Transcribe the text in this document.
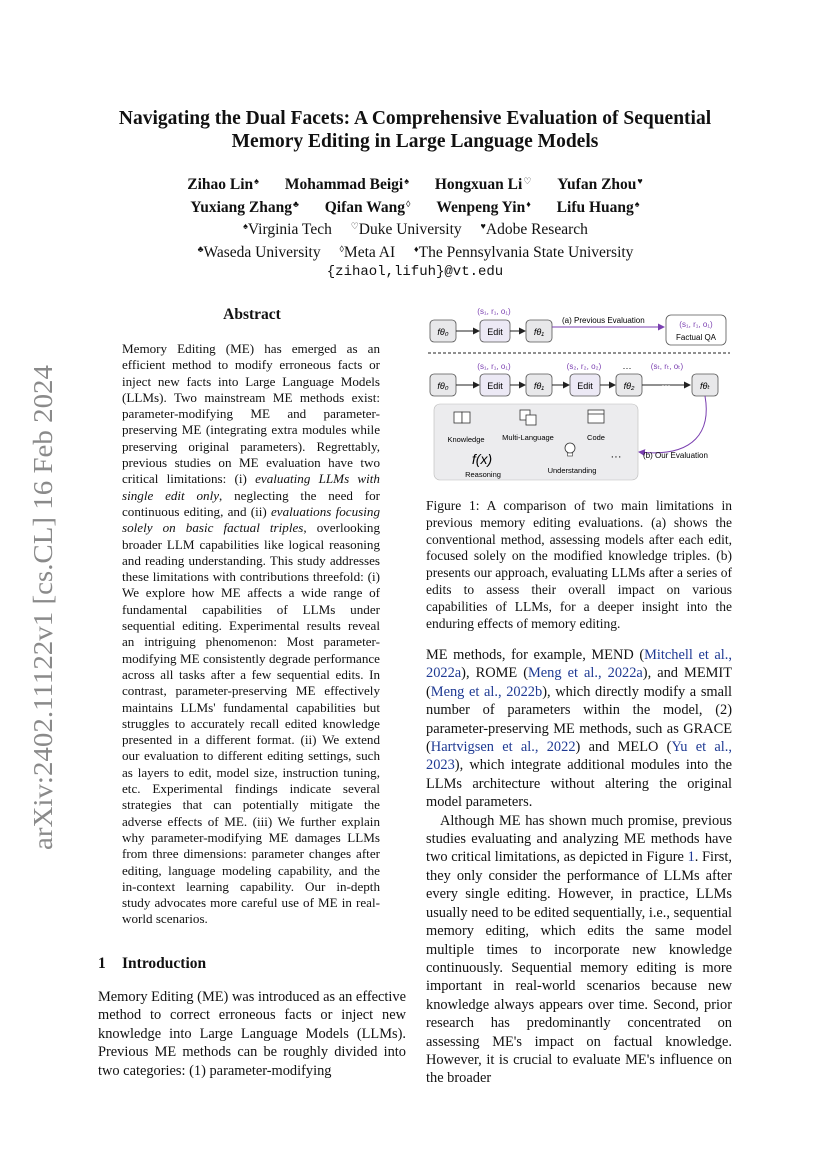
arXiv:2402.11122v1 [cs.CL] 16 Feb 2024
Navigating the Dual Facets: A Comprehensive Evaluation of Sequential
Memory Editing in Large Language Models
Zihao Lin♠ Mohammad Beigi♠ Hongxuan Li♡ Yufan Zhou♥
Yuxiang Zhang♣ Qifan Wang◊ Wenpeng Yin♦ Lifu Huang♠
♠Virginia Tech ♡Duke University ♥Adobe Research
♣Waseda University ◊Meta AI ♦The Pennsylvania State University
{zihaol,lifuh}@vt.edu
Abstract
Memory Editing (ME) has emerged as an efficient method to modify erroneous facts or inject new facts into Large Language Models (LLMs). Two mainstream ME methods exist: parameter-modifying ME and parameter-preserving ME (integrating extra modules while preserving original parameters). Regrettably, previous studies on ME evaluation have two critical limitations: (i) evaluating LLMs with single edit only, neglecting the need for continuous editing, and (ii) evaluations focusing solely on basic factual triples, overlooking broader LLM capabilities like logical reasoning and reading understanding. This study addresses these limitations with contributions threefold: (i) We explore how ME affects a wide range of fundamental capabilities of LLMs under sequential editing. Experimental results reveal an intriguing phenomenon: Most parameter-modifying ME consistently degrade performance across all tasks after a few sequential edits. In contrast, parameter-preserving ME effectively maintains LLMs' fundamental capabilities but struggles to accurately recall edited knowledge presented in a different format. (ii) We extend our evaluation to different editing settings, such as layers to edit, model size, instruction tuning, etc. Experimental findings indicate several strategies that can potentially mitigate the adverse effects of ME. (iii) We further explain why parameter-modifying ME damages LLMs from three dimensions: parameter changes after editing, language modeling capability, and the in-context learning capability. Our in-depth study advocates more careful use of ME in real-world scenarios.
1 Introduction
Memory Editing (ME) was introduced as an effective method to correct erroneous facts or inject new knowledge into Large Language Models (LLMs). Previous ME methods can be roughly divided into two categories: (1) parameter-modifying
fθ₀
(s₁, r₁, o₁)
Edit	fθ₁
(a) Previous Evaluation	(s₁, r₁, o₁)
Factual QA
fθ₀
(s₁, r₁, o₁)
Edit	fθ₁
(s₂, r₂, o₂)
Edit
···
fθ₂
(sₜ, rₜ, oₜ)
···	fθₜ
(b) Our Evaluation
Knowledge Multi-Language	Code
f(x)
Reasoning	Understanding
···
Figure 1: A comparison of two main limitations in previous memory editing evaluations. (a) shows the conventional method, assessing models after each edit, focused solely on the modified knowledge triples. (b) presents our approach, evaluating LLMs after a series of edits to assess their overall impact on various capabilities of LLMs, for a deeper insight into the enduring effects of memory editing.

ME methods, for example, MEND (Mitchell et al., 2022a), ROME (Meng et al., 2022a), and MEMIT (Meng et al., 2022b), which directly modify a small number of parameters within the model, (2) parameter-preserving ME methods, such as GRACE (Hartvigsen et al., 2022) and MELO (Yu et al., 2023), which integrate additional modules into the LLMs architecture without altering the original model parameters.

Although ME has shown much promise, previous studies evaluating and analyzing ME methods have two critical limitations, as depicted in Figure 1. First, they only consider the performance of LLMs after every single editing. However, in practice, LLMs usually need to be edited sequentially, i.e., sequential memory editing, which edits the same model multiple times to incorporate new knowledge continuously. Sequential memory editing is more important in real-world scenarios because new knowledge always appears over time. Second, prior research has predominantly concentrated on assessing ME's impact on factual knowledge. However, it is crucial to evaluate ME's influence on the broader
